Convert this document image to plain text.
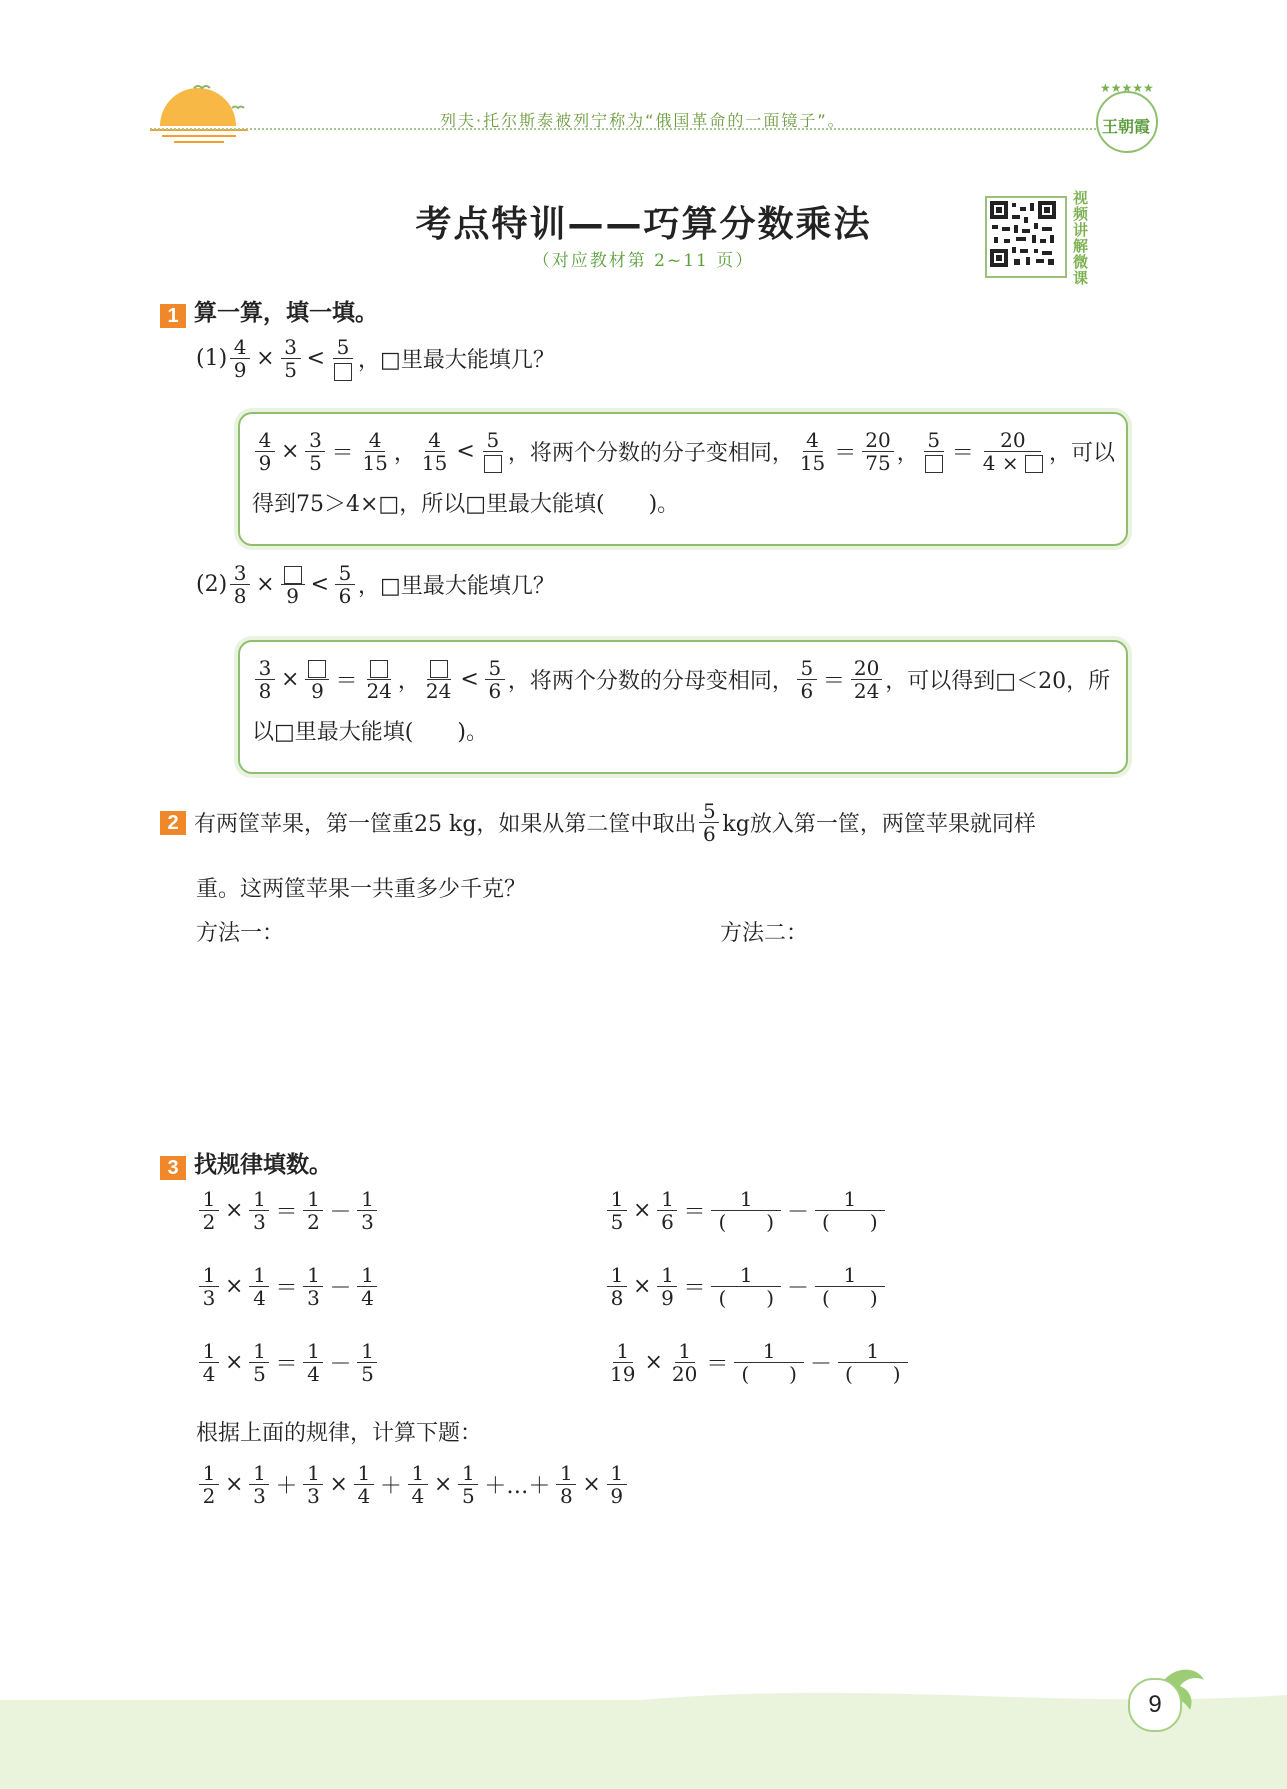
列夫·托尔斯泰被列宁称为“俄国革命的一面镜子”。
★★★★★
王朝霞
考点特训——巧算分数乘法
（对应教材第 2~11 页）
视频讲解微课
1 算一算，填一填。
$(1) \frac{4}{9} \times \frac{3}{5} < 5$
，□里最大能填几？
$\frac{4}{9} \times \frac{3}{5} = \frac{4}{15}$ ， $\frac{4}{15} < 5$
，将两个分数的分子变相同， $\frac{4}{15} = \frac{20}{75}$ ，
5
＝ $\frac{20}{4 \times}$ ，可以
得到75＞4×□，所以□里最大能填(　　)。
$(2) \frac{3}{8} \times 9 < \frac{5}{6}$ ，□里最大能填几？
$\frac{3}{8} \times 9 = 24$ ， $24 < \frac{5}{6}$ ，将两个分数的分母变相同， $\frac{5}{6} = \frac{20}{24}$ ，可以得到□＜20，所
以□里最大能填(　　)。
2 有两筐苹果，第一筐重25 kg，如果从第二筐中取出 $\frac{5}{6}$ kg放入第一筐，两筐苹果就同样
重。这两筐苹果一共重多少千克？
方法一：	方法二：
3 找规律填数。
$\frac{1}{2} \times \frac{1}{3} = \frac{1}{2} - \frac{1}{3}$
$\frac{1}{3} \times \frac{1}{4} = \frac{1}{3} - \frac{1}{4}$
$\frac{1}{4} \times \frac{1}{5} = \frac{1}{4} - \frac{1}{5}$
$\frac{1}{5} \times \frac{1}{6} = \frac{1}{( )} - \frac{1}{( )}$
$\frac{1}{8} \times \frac{1}{9} = \frac{1}{( )} - \frac{1}{( )}$
$\frac{1}{19} \times \frac{1}{20} = \frac{1}{( )} - \frac{1}{( )}$
根据上面的规律，计算下题：
$\frac{1}{2} \times \frac{1}{3} + \frac{1}{3} \times \frac{1}{4} + \frac{1}{4} \times \frac{1}{5}$ ＋…＋ $\frac{1}{8} \times \frac{1}{9}$
9
